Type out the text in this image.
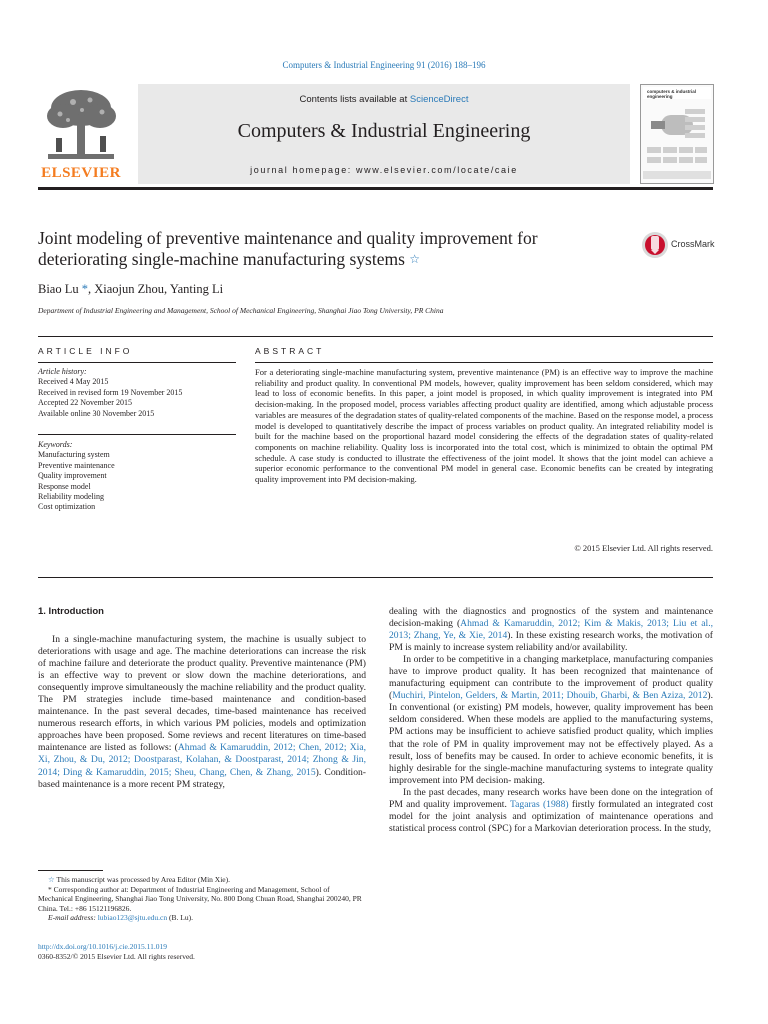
Computers & Industrial Engineering 91 (2016) 188–196
ELSEVIER
Contents lists available at ScienceDirect
Computers & Industrial Engineering
journal homepage: www.elsevier.com/locate/caie
computers & industrial engineering
Joint modeling of preventive maintenance and quality improvement for deteriorating single-machine manufacturing systems ☆
CrossMark
Biao Lu *, Xiaojun Zhou, Yanting Li
Department of Industrial Engineering and Management, School of Mechanical Engineering, Shanghai Jiao Tong University, PR China
ARTICLE INFO	ABSTRACT
Article history:
Received 4 May 2015
Received in revised form 19 November 2015
Accepted 22 November 2015
Available online 30 November 2015
Keywords:
Manufacturing system
Preventive maintenance
Quality improvement
Response model
Reliability modeling
Cost optimization
For a deteriorating single-machine manufacturing system, preventive maintenance (PM) is an effective way to improve the machine reliability and product quality. In conventional PM models, however, quality improvement has been seldom considered, which may lead to loss of economic benefits. In this paper, a joint model is proposed, in which quality improvement is integrated into PM decision-making. In the proposed model, process variables affecting product quality are identified, among which adjustable process variables are measures of the degradation states of quality-related components of the machine. Based on the response model, a process model is developed to quantitatively describe the impact of process variables on product quality. An integrated reliability model is built for the machine based on the proportional hazard model considering the effects of the degradation states of quality-related components on machine reliability. Quality loss is incorporated into the total cost, which is minimized to obtain the optimal PM schedule. A case study is conducted to illustrate the effectiveness of the joint model. It shows that the joint model can achieve a superior economic performance to the conventional PM model in general case. Economic benefits can be created by integrating quality improvement into PM decision-making.
© 2015 Elsevier Ltd. All rights reserved.
1. Introduction

In a single-machine manufacturing system, the machine is usually subject to deteriorations with usage and age. The machine deteriorations can increase the risk of machine failure and deteriorate the product quality. Preventive maintenance (PM) is an effective way to prevent or slow down the machine deteriorations, and consequently improve simultaneously the machine reliability and the product quality. The PM strategies include time-based maintenance and condition-based maintenance. In the past several decades, time-based maintenance has received numerous research efforts, in which various PM policies, models and optimization approaches have been proposed. Some reviews and recent literatures on time-based maintenance are listed as follows: (Ahmad & Kamaruddin, 2012; Chen, 2012; Xia, Xi, Zhou, & Du, 2012; Doostparast, Kolahan, & Doostparast, 2014; Zhong & Jin, 2014; Ding & Kamaruddin, 2015; Sheu, Chang, Chen, & Zhang, 2015). Condition-based maintenance is a more recent PM strategy,

☆ This manuscript was processed by Area Editor (Min Xie).

* Corresponding author at: Department of Industrial Engineering and Management, School of Mechanical Engineering, Shanghai Jiao Tong University, No. 800 Dong Chuan Road, Shanghai 200240, PR China. Tel.: +86 15121196826.

E-mail address: lubiao123@sjtu.edu.cn (B. Lu).

http://dx.doi.org/10.1016/j.cie.2015.11.019
0360-8352/© 2015 Elsevier Ltd. All rights reserved.

dealing with the diagnostics and prognostics of the system and maintenance decision-making (Ahmad & Kamaruddin, 2012; Kim & Makis, 2013; Liu et al., 2013; Zhang, Ye, & Xie, 2014). In these existing research works, the motivation of PM is mainly to increase system reliability and/or availability.

In order to be competitive in a changing marketplace, manufacturing companies have to improve product quality. It has been recognized that maintenance of manufacturing equipment can contribute to the improvement of product quality (Muchiri, Pintelon, Gelders, & Martin, 2011; Dhouib, Gharbi, & Ben Aziza, 2012). In conventional (or existing) PM models, however, quality improvement has been seldom considered. When these models are applied to the manufacturing systems, PM actions may be insufficient to achieve satisfied product quality, which implies that the role of PM in quality improvement may not be effectively played. As a result, loss of benefits may be caused. In order to achieve economic benefits, it is highly desirable for the single-machine manufacturing systems to integrate quality improvement into PM decision- making.

In the past decades, many research works have been done on the integration of PM and quality improvement. Tagaras (1988) firstly formulated an integrated cost model for the joint analysis and optimization of maintenance operations and statistical process control (SPC) for a Markovian deterioration process. In the study,
